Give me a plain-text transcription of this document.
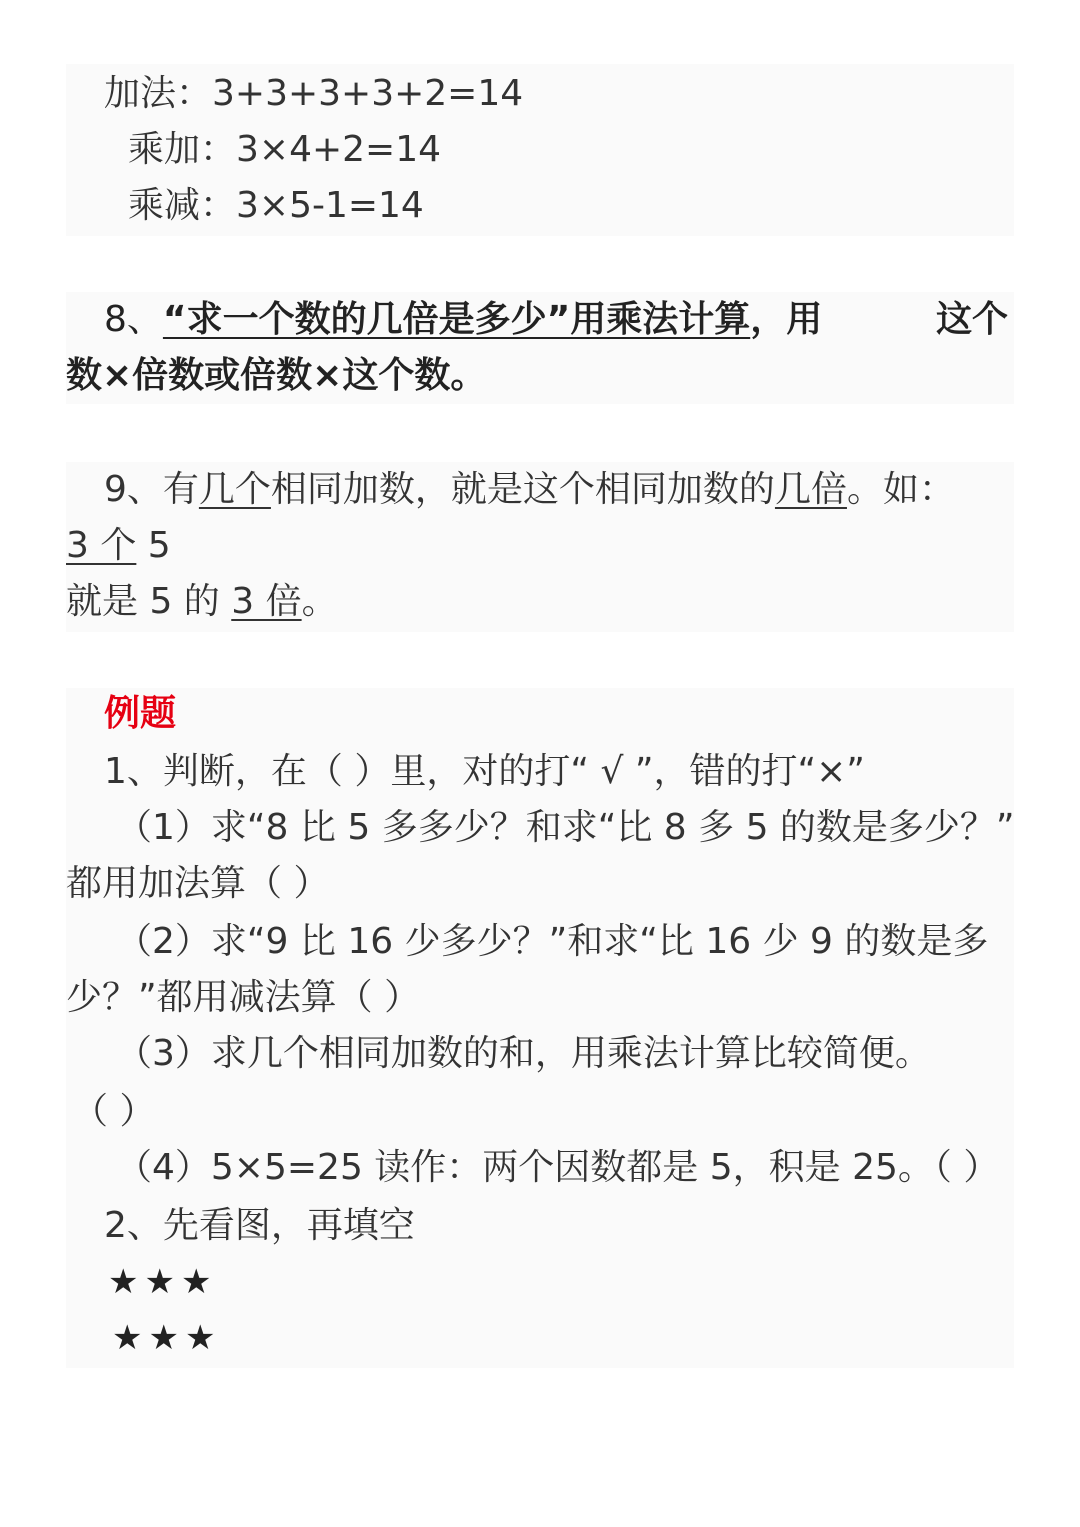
加法：3+3+3+3+2=14
乘加：3×4+2=14
乘减：3×5-1=14
8、“求一个数的几倍是多少”用乘法计算，用	这个
数×倍数或倍数×这个数。
9、有几个相同加数，就是这个相同加数的几倍。如：
3 个 5
就是 5 的 3 倍。
例题
1、判断，在（ ）里，对的打“ √ ”，错的打“×”
（1）求“8 比 5 多多少？和求“比 8 多 5 的数是多少？”
都用加法算（ ）
（2）求“9 比 16 少多少？”和求“比 16 少 9 的数是多
少？”都用减法算（ ）
（3）求几个相同加数的和，用乘法计算比较简便。
（ ）
（4）5×5=25 读作：两个因数都是 5，积是 25。（ ）
2、先看图，再填空
★★★
★★★
